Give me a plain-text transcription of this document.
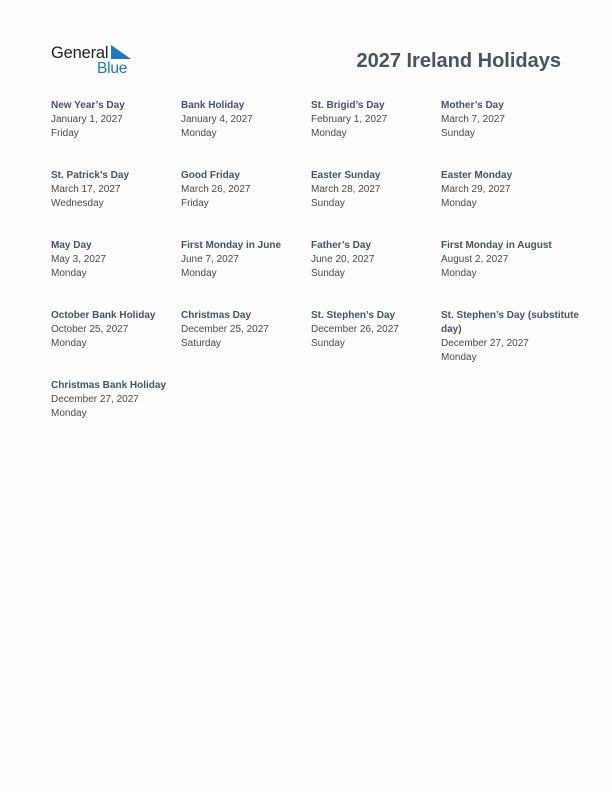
General
Blue	2027 Ireland Holidays

New Year’s Day

January 1, 2027

Friday

Bank Holiday

January 4, 2027

Monday

St. Brigid’s Day

February 1, 2027

Monday

Mother’s Day

March 7, 2027

Sunday

St. Patrick’s Day

March 17, 2027

Wednesday

Good Friday

March 26, 2027

Friday

Easter Sunday

March 28, 2027

Sunday

Easter Monday

March 29, 2027

Monday

May Day

May 3, 2027

Monday

First Monday in June

June 7, 2027

Monday

Father’s Day

June 20, 2027

Sunday

First Monday in August

August 2, 2027

Monday

October Bank Holiday

October 25, 2027

Monday

Christmas Day

December 25, 2027

Saturday

St. Stephen’s Day

December 26, 2027

Sunday

St. Stephen’s Day (substitute day)

December 27, 2027

Monday

Christmas Bank Holiday

December 27, 2027

Monday
